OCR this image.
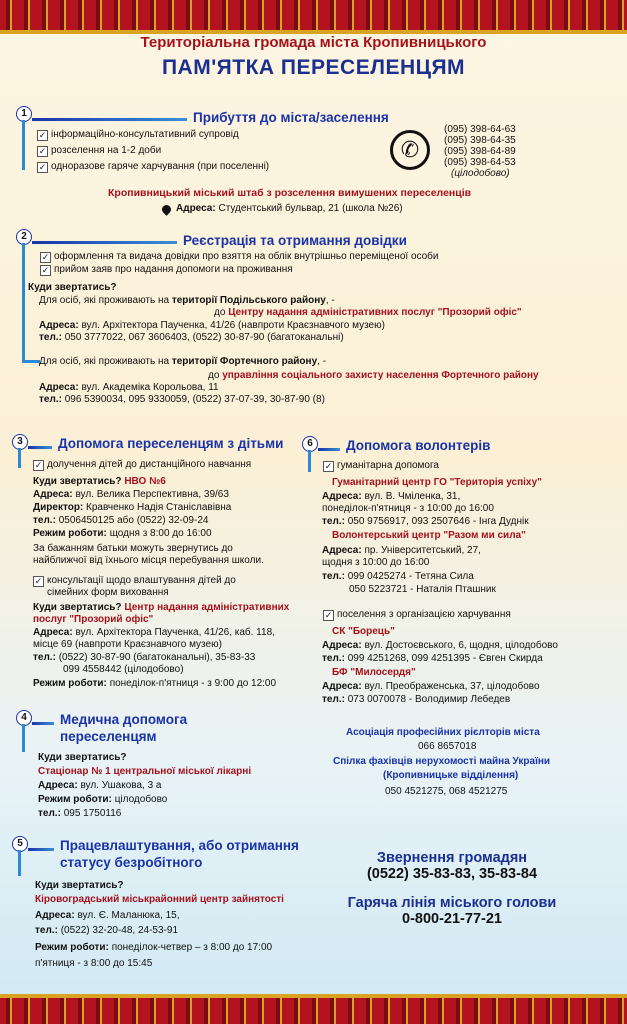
Територіальна громада міста Кропивницького
ПАМ'ЯТКА ПЕРЕСЕЛЕНЦЯМ
1	Прибуття до міста/заселення
✓ інформаційно-консультативний супровід
✓ розселення на 1-2 доби
✓ одноразове гаряче харчування (при поселенні)
✆
(095) 398-64-63
(095) 398-64-35
(095) 398-64-89
(095) 398-64-53
(цілодобово)
Кропивницький міський штаб з розселення вимушених переселенців
Адреса: Студентський бульвар, 21 (школа №26)
2	Реєстрація та отримання довідки
✓ оформлення та видача довідки про взяття на облік внутрішньо переміщеної особи
✓ прийом заяв про надання допомоги на проживання
Куди звертатись?
Для осіб, які проживають на території Подільського району, -
до Центру надання адміністративних послуг "Прозорий офіс"
Адреса: вул. Архітектора Паученка, 41/26 (навпроти Краєзнавчого музею)
тел.: 050 3777022, 067 3606403, (0522) 30-87-90 (багатоканальні)
Для осіб, які проживають на території Фортечного району, -
до управління соціального захисту населення Фортечного району
Адреса: вул. Академіка Корольова, 11
тел.: 096 5390034, 095 9330059, (0522) 37-07-39, 30-87-90 (8)
3	Допомога переселенцям з дітьми
✓ долучення дітей до дистанційного навчання
Куди звертатись? НВО №6
Адреса: вул. Велика Перспективна, 39/63
Директор: Кравченко Надія Станіславівна
тел.: 0506450125 або (0522) 32-09-24
Режим роботи: щодня з 8:00 до 16:00
За бажанням батьки можуть звернутись до
найближчої від їхнього місця перебування школи.
✓ консультації щодо влаштування дітей до
сімейних форм виховання
Куди звертатись? Центр надання адміністративних
послуг "Прозорий офіс"
Адреса: вул. Архітектора Паученка, 41/26, каб. 118,
місце 69 (навпроти Краєзнавчого музею)
тел.: (0522) 30-87-90 (багатоканальні), 35-83-33
099 4558442 (цілодобово)
Режим роботи: понеділок-п'ятниця - з 9:00 до 12:00
4	Медична допомога
переселенцям
Куди звертатись?
Стаціонар № 1 центральної міської лікарні
Адреса: вул. Ушакова, 3 а
Режим роботи: цілодобово
тел.: 095 1750116
5	Працевлаштування, або отримання
статусу безробітного
Куди звертатись?
Кіровоградський міськрайонний центр зайнятості
Адреса: вул. Є. Маланюка, 15,
тел.: (0522) 32-20-48, 24-53-91
Режим роботи: понеділок-четвер – з 8:00 до 17:00
п'ятниця - з 8:00 до 15:45
6	Допомога волонтерів
✓ гуманітарна допомога
Гуманітарний центр ГО "Територія успіху"
Адреса: вул. В. Чміленка, 31,
понеділок-п'ятниця - з 10:00 до 16:00
тел.: 050 9756917, 093 2507646 - Інга Дуднік
Волонтерський центр "Разом ми сила"
Адреса: пр. Університетський, 27,
щодня з 10:00 до 16:00
тел.: 099 0425274 - Тетяна Сила
050 5223721 - Наталія Пташник
✓ поселення з організацією харчування
СК "Борець"
Адреса: вул. Достоєвського, 6, щодня, цілодобово
тел.: 099 4251268, 099 4251395 - Євген Скирда
БФ "Милосердя"
Адреса: вул. Преображенська, 37, цілодобово
тел.: 073 0070078 - Володимир Лебедев
Асоціація професійних рієлторів міста
066 8657018
Спілка фахівців нерухомості майна України
(Кропивницьке відділення)
050 4521275, 068 4521275
Звернення громадян
(0522) 35-83-83, 35-83-84
Гаряча лінія міського голови
0-800-21-77-21
